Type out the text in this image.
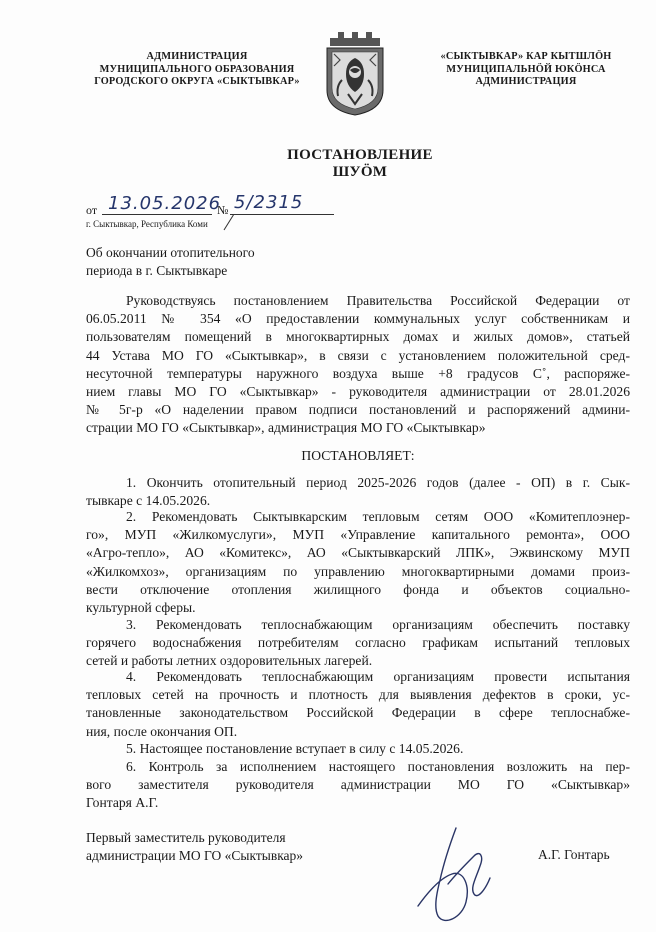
АДМИНИСТРАЦИЯ
МУНИЦИПАЛЬНОГО ОБРАЗОВАНИЯ
ГОРОДСКОГО ОКРУГА «СЫКТЫВКАР»
«СЫКТЫВКАР» КАР КЫТШЛӦН
МУНИЦИПАЛЬНӦЙ ЮКӦНСА
АДМИНИСТРАЦИЯ
ПОСТАНОВЛЕНИЕ
ШУӦМ
от 13.05.2026
№ 5/2315
г. Сыктывкар, Республика Коми
Об окончании отопительного
периода в г. Сыктывкаре
Руководствуясь постановлением Правительства Российской Федерации от
06.05.2011 № 354 «О предоставлении коммунальных услуг собственникам и
пользователям помещений в многоквартирных домах и жилых домов», статьей
44 Устава МО ГО «Сыктывкар», в связи с установлением положительной сред-
несуточной температуры наружного воздуха выше +8 градусов С˚, распоряже-
нием главы МО ГО «Сыктывкар» - руководителя администрации от 28.01.2026
№ 5г-р «О наделении правом подписи постановлений и распоряжений админи-
страции МО ГО «Сыктывкар», администрация МО ГО «Сыктывкар»
ПОСТАНОВЛЯЕТ:
1. Окончить отопительный период 2025-2026 годов (далее - ОП) в г. Сык-
тывкаре с 14.05.2026.
2. Рекомендовать Сыктывкарским тепловым сетям ООО «Комитеплоэнер-
го», МУП «Жилкомуслуги», МУП «Управление капитального ремонта», ООО
«Агро-тепло», АО «Комитекс», АО «Сыктывкарский ЛПК», Эжвинскому МУП
«Жилкомхоз», организациям по управлению многоквартирными домами произ-
вести отключение отопления жилищного фонда и объектов социально-
культурной сферы.
3. Рекомендовать теплоснабжающим организациям обеспечить поставку
горячего водоснабжения потребителям согласно графикам испытаний тепловых
сетей и работы летних оздоровительных лагерей.
4. Рекомендовать теплоснабжающим организациям провести испытания
тепловых сетей на прочность и плотность для выявления дефектов в сроки, ус-
тановленные законодательством Российской Федерации в сфере теплоснабже-
ния, после окончания ОП.
5. Настоящее постановление вступает в силу с 14.05.2026.
6. Контроль за исполнением настоящего постановления возложить на пер-
вого заместителя руководителя администрации МО ГО «Сыктывкар»
Гонтаря А.Г.
Первый заместитель руководителя
администрации МО ГО «Сыктывкар»	А.Г. Гонтарь
